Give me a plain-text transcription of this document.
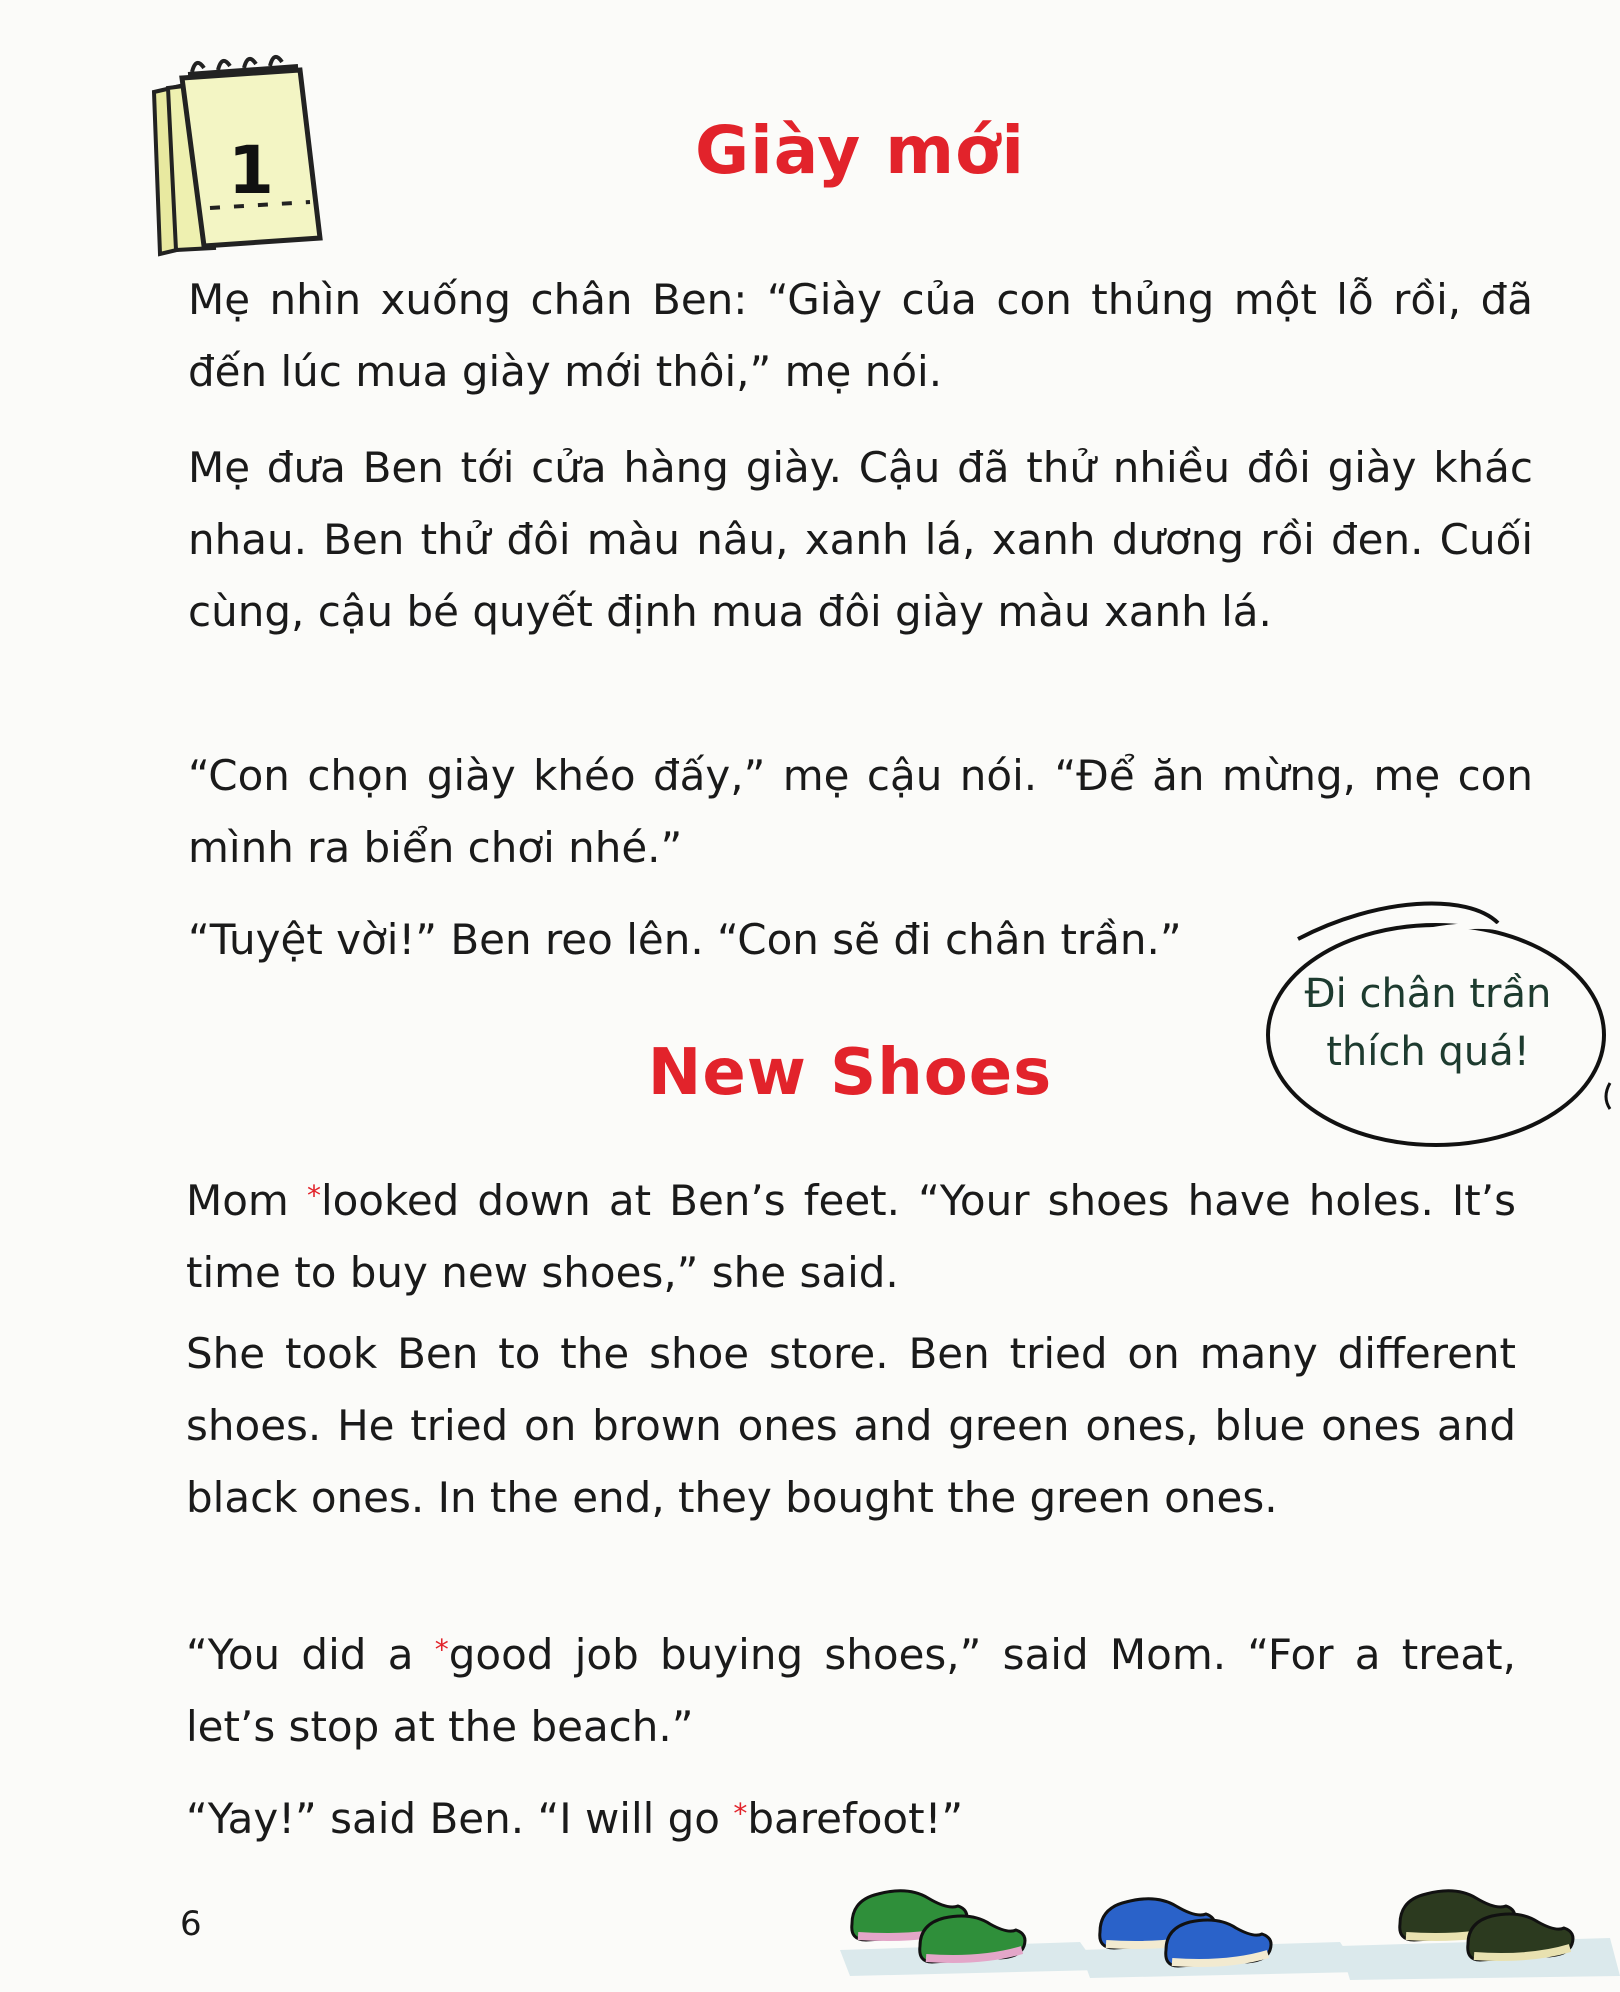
1	Giày mới
Mẹ nhìn xuống chân Ben: “Giày của con thủng một lỗ rồi, đã đến lúc mua giày mới thôi,” mẹ nói.
Mẹ đưa Ben tới cửa hàng giày. Cậu đã thử nhiều đôi giày khác nhau. Ben thử đôi màu nâu, xanh lá, xanh dương rồi đen. Cuối cùng, cậu bé quyết định mua đôi giày màu xanh lá.
“Con chọn giày khéo đấy,” mẹ cậu nói. “Để ăn mừng, mẹ con mình ra biển chơi nhé.”
“Tuyệt vời!” Ben reo lên. “Con sẽ đi chân trần.”
Đi chân trần
thích quá!
New Shoes
Mom *looked down at Ben’s feet. “Your shoes have holes. It’s time to buy new shoes,” she said.
She took Ben to the shoe store. Ben tried on many different shoes. He tried on brown ones and green ones, blue ones and black ones. In the end, they bought the green ones.
“You did a *good job buying shoes,” said Mom. “For a treat, let’s stop at the beach.”
“Yay!” said Ben. “I will go *barefoot!”
6
